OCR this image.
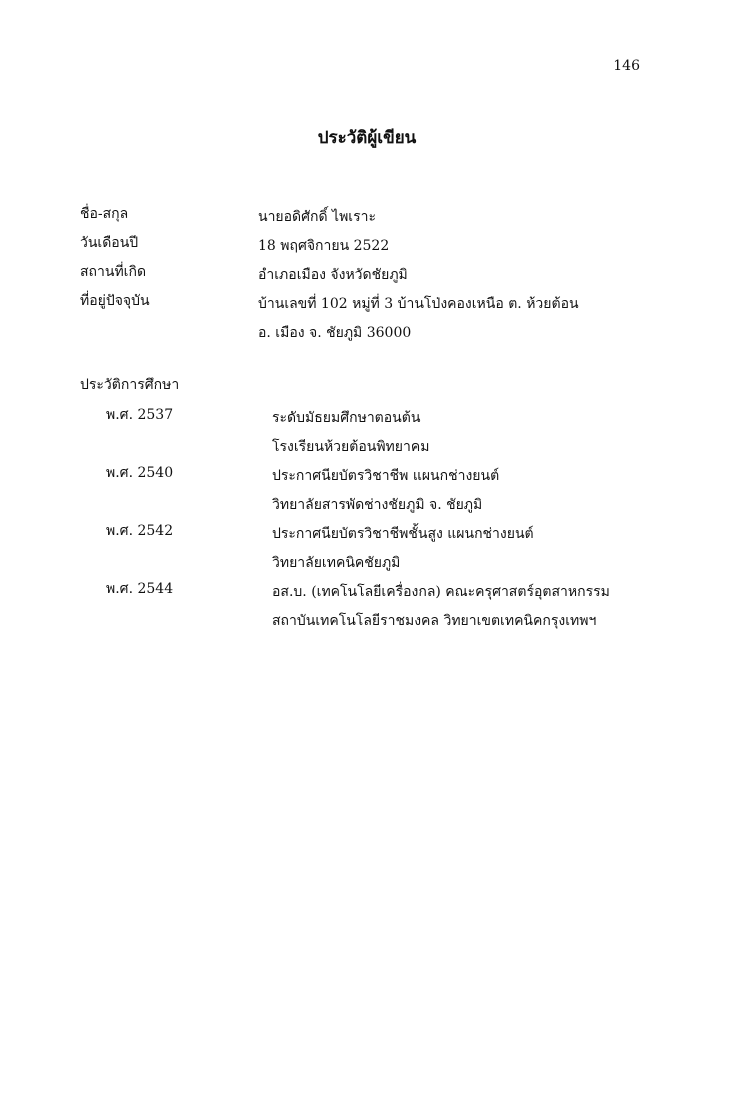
146
ประวัติผู้เขียน
ชื่อ-สกุล	นายอดิศักดิ์ ไพเราะ
วันเดือนปี	18 พฤศจิกายน 2522
สถานที่เกิด	อำเภอเมือง จังหวัดชัยภูมิ
ที่อยู่ปัจจุบัน	บ้านเลขที่ 102 หมู่ที่ 3 บ้านโป่งคองเหนือ ต. ห้วยต้อน
อ. เมือง จ. ชัยภูมิ 36000
ประวัติการศึกษา
พ.ศ. 2537	ระดับมัธยมศึกษาตอนต้น
โรงเรียนห้วยต้อนพิทยาคม
พ.ศ. 2540	ประกาศนียบัตรวิชาชีพ แผนกช่างยนต์
วิทยาลัยสารพัดช่างชัยภูมิ จ. ชัยภูมิ
พ.ศ. 2542	ประกาศนียบัตรวิชาชีพชั้นสูง แผนกช่างยนต์
วิทยาลัยเทคนิคชัยภูมิ
พ.ศ. 2544	อส.บ. (เทคโนโลยีเครื่องกล) คณะครุศาสตร์อุตสาหกรรม
สถาบันเทคโนโลยีราชมงคล วิทยาเขตเทคนิคกรุงเทพฯ
